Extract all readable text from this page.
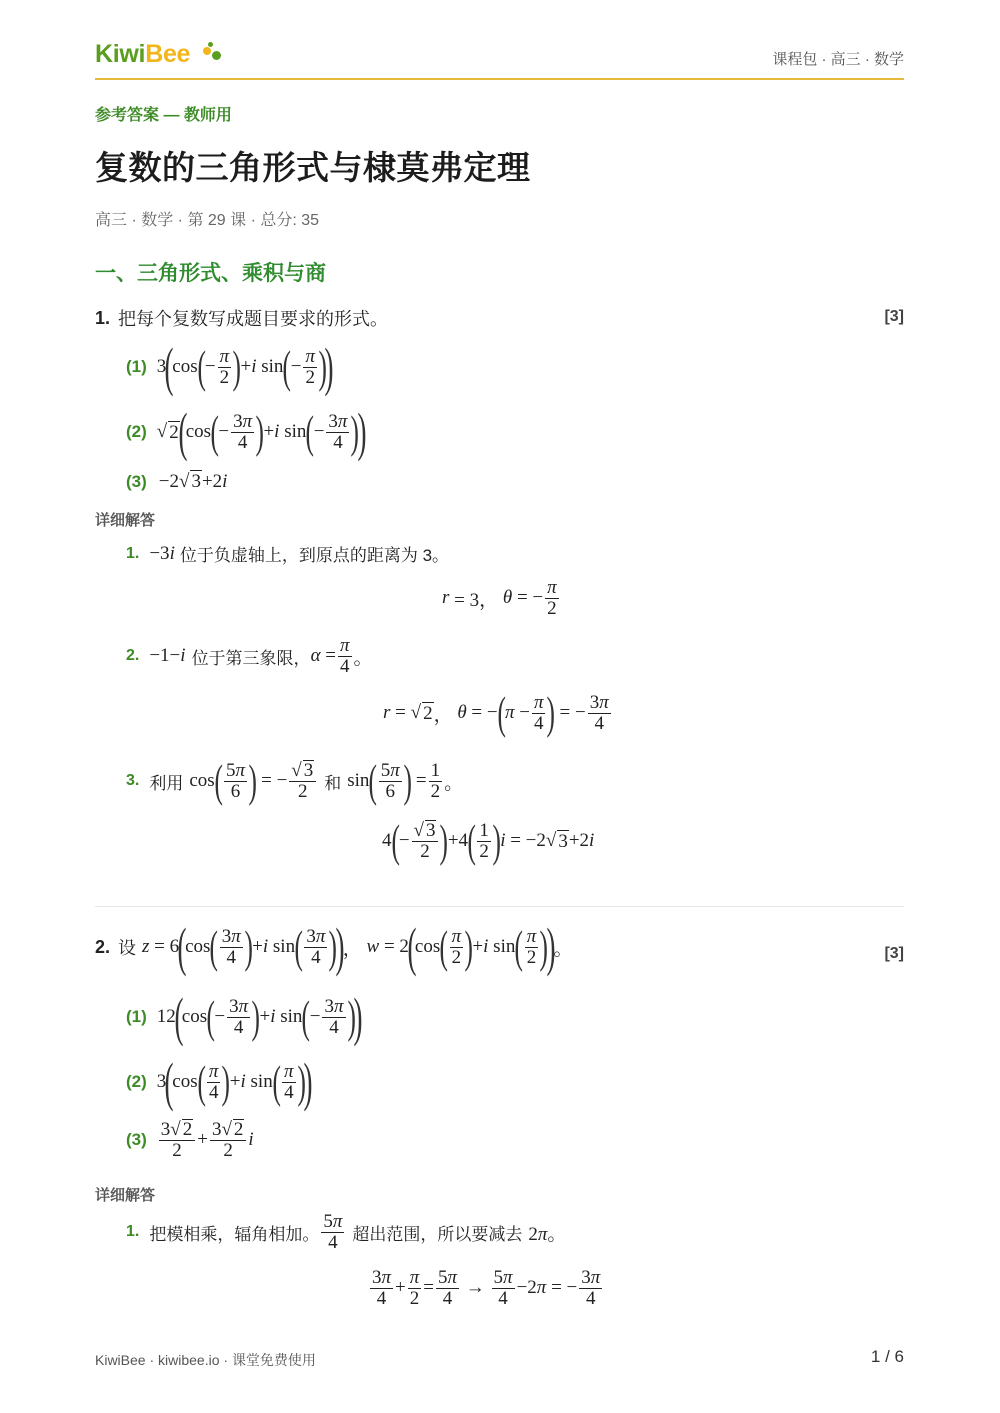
KiwiBee	课程包 · 高三 · 数学
参考答案 — 教师用
复数的三角形式与棣莫弗定理
高三 · 数学 · 第 29 课 · 总分: 35
一、三角形式、乘积与商
1. 把每个复数写成题目要求的形式。	[3]
(1) 3
(
cos ( − $\frac{\pi}{2}$ ) + i sin ( − $\frac{\pi}{2}$ )
)
(2) √ 2 (
cos ( − $\frac{3\pi}{4}$ ) + i sin ( − $\frac{3\pi}{4}$ )
)
(3) −2√ 3+2i
详细解答
1. −3i 位于负虚轴上，到原点的距离为 3。
r = 3， θ = − $\frac{\pi}{2}$
2. −1−i 位于第三象限， $\alpha = \frac{\pi}{4}$ 。
r = √ 2 ， θ = − ( $\pi - \frac{\pi}{4}$ ) = − $\frac{3\pi}{4}$
3. 利用 cos ( $\frac{5\pi}{6}$ ) = − $\frac{√ 3}{2}$ 和 sin ( $\frac{5\pi}{6}$ ) = $\frac{1}{2}$ 。
4 ( − $\frac{√ 3}{2}$ ) +4 ( $\frac{1}{2}$ ) i = −2√ 3 +2 i
2. 设 z = 6
(
cos ( $\frac{3\pi}{4}$ ) + i sin ( $\frac{3\pi}{4}$ )
)
， w = 2
(
cos ( $\frac{\pi}{2}$ ) + i sin ( $\frac{\pi}{2}$ )
)
。	[3]
(1) 12
(
cos ( − $\frac{3\pi}{4}$ ) + i sin ( − $\frac{3\pi}{4}$ )
)
(2) 3
(
cos ( $\frac{\pi}{4}$ ) + i sin ( $\frac{\pi}{4}$ )
)
$(3) \frac{3√ 2}{2} + \frac{3√ 2}{2}$ i
详细解答
1. 把模相乘，辐角相加。 $\frac{5\pi}{4}$ 超出范围，所以要减去 2π。
$\frac{3\pi}{4} + \frac{\pi}{2} = \frac{5\pi}{4} \to \frac{5\pi}{4} -2$ π = − $\frac{3\pi}{4}$
KiwiBee · kiwibee.io · 课堂免费使用	1 / 6
